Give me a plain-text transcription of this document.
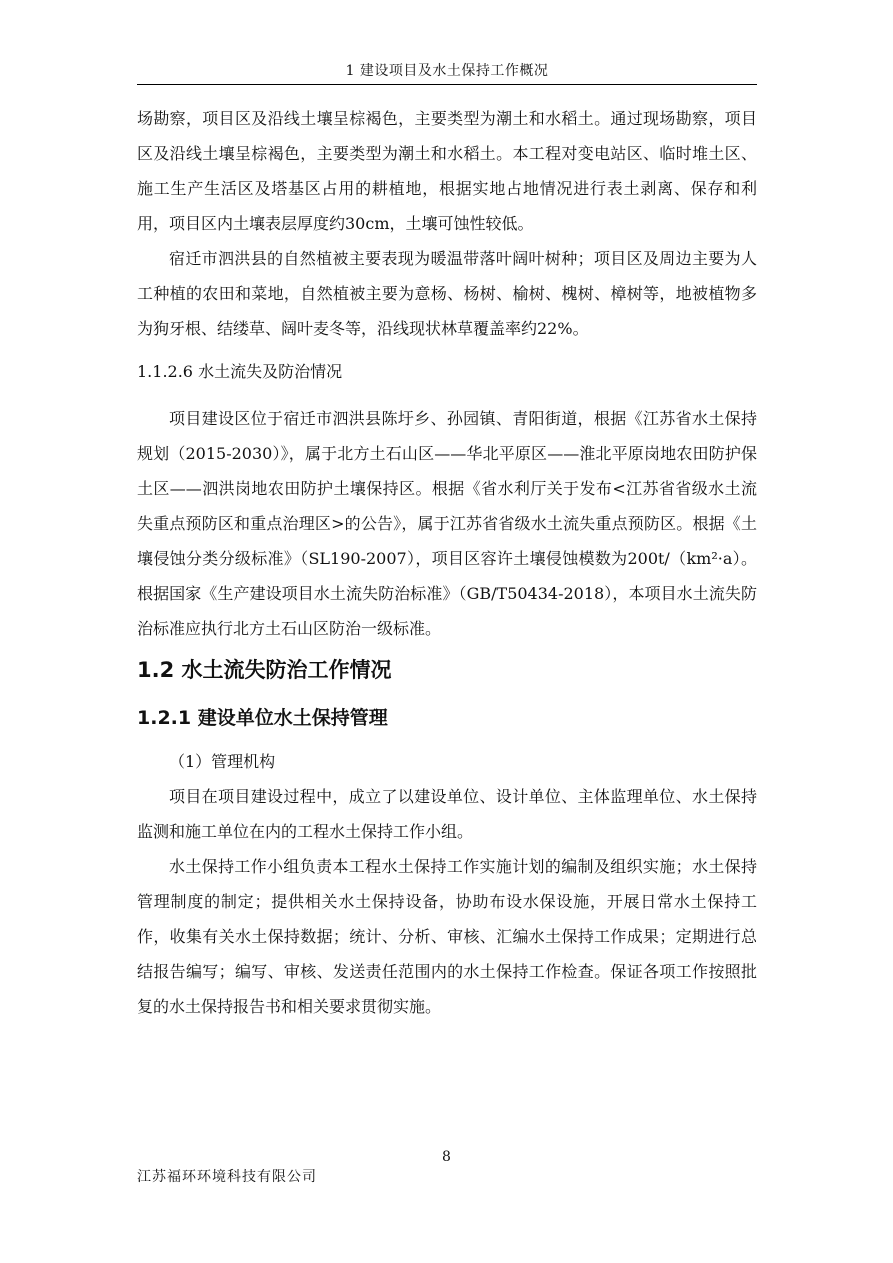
1 建设项目及水土保持工作概况

场勘察，项目区及沿线土壤呈棕褐色，主要类型为潮土和水稻土。通过现场勘察，项目区及沿线土壤呈棕褐色，主要类型为潮土和水稻土。本工程对变电站区、临时堆土区、施工生产生活区及塔基区占用的耕植地，根据实地占地情况进行表土剥离、保存和利用，项目区内土壤表层厚度约30cm，土壤可蚀性较低。

宿迁市泗洪县的自然植被主要表现为暖温带落叶阔叶树种；项目区及周边主要为人工种植的农田和菜地，自然植被主要为意杨、杨树、榆树、槐树、樟树等，地被植物多为狗牙根、结缕草、阔叶麦冬等，沿线现状林草覆盖率约22%。

1.1.2.6 水土流失及防治情况

项目建设区位于宿迁市泗洪县陈圩乡、孙园镇、青阳街道，根据《江苏省水土保持规划（2015-2030）》，属于北方土石山区——华北平原区——淮北平原岗地农田防护保土区——泗洪岗地农田防护土壤保持区。根据《省水利厅关于发布<江苏省省级水土流失重点预防区和重点治理区>的公告》，属于江苏省省级水土流失重点预防区。根据《土壤侵蚀分类分级标准》（SL190-2007），项目区容许土壤侵蚀模数为200t/（km²·a）。根据国家《生产建设项目水土流失防治标准》（GB/T50434-2018），本项目水土流失防治标准应执行北方土石山区防治一级标准。

1.2 水土流失防治工作情况
1.2.1 建设单位水土保持管理

（1）管理机构

项目在项目建设过程中，成立了以建设单位、设计单位、主体监理单位、水土保持监测和施工单位在内的工程水土保持工作小组。

水土保持工作小组负责本工程水土保持工作实施计划的编制及组织实施；水土保持管理制度的制定；提供相关水土保持设备，协助布设水保设施，开展日常水土保持工作，收集有关水土保持数据；统计、分析、审核、汇编水土保持工作成果；定期进行总结报告编写；编写、审核、发送责任范围内的水土保持工作检查。保证各项工作按照批复的水土保持报告书和相关要求贯彻实施。

8
江苏福环环境科技有限公司
